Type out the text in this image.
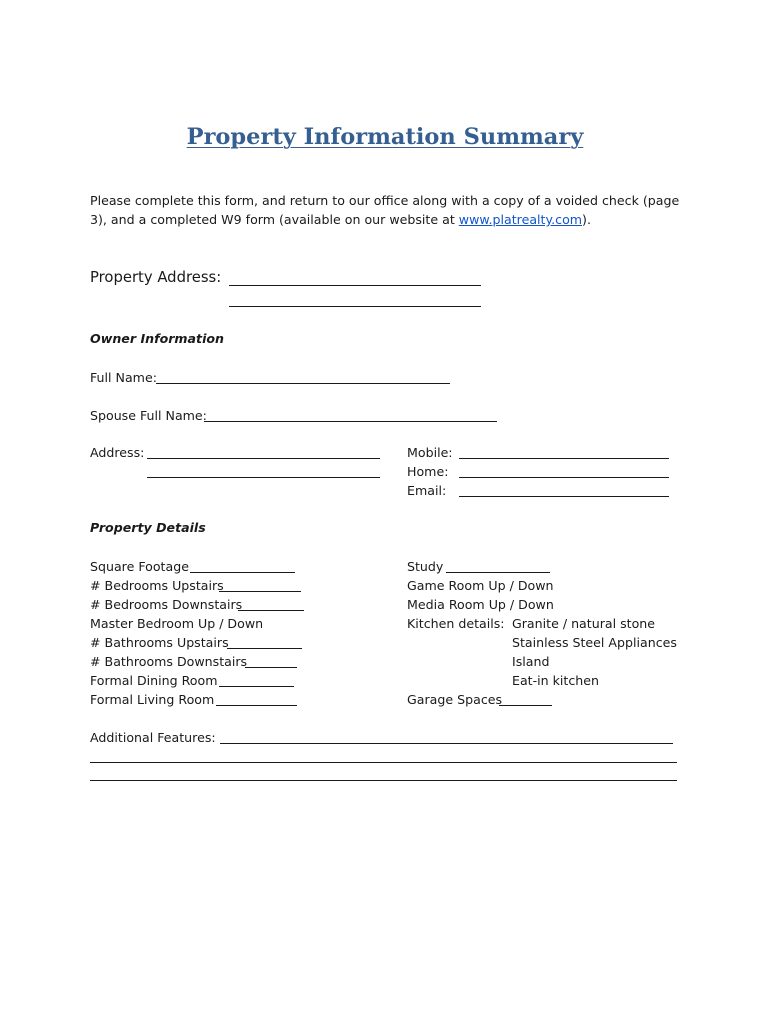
Property Information Summary
Please complete this form, and return to our office along with a copy of a voided check (page 3), and a completed W9 form (available on our website at www.platrealty.com).
Property Address:
Owner Information
Full Name:
Spouse Full Name:
Address:	Mobile:
Home:
Email:
Property Details
Square Footage
# Bedrooms Upstairs
# Bedrooms Downstairs
Master Bedroom Up / Down
# Bathrooms Upstairs
# Bathrooms Downstairs
Formal Dining Room
Formal Living Room
Study
Game Room Up / Down
Media Room Up / Down
Kitchen details: Granite / natural stone
Stainless Steel Appliances
Island
Eat-in kitchen
Garage Spaces
Additional Features:
